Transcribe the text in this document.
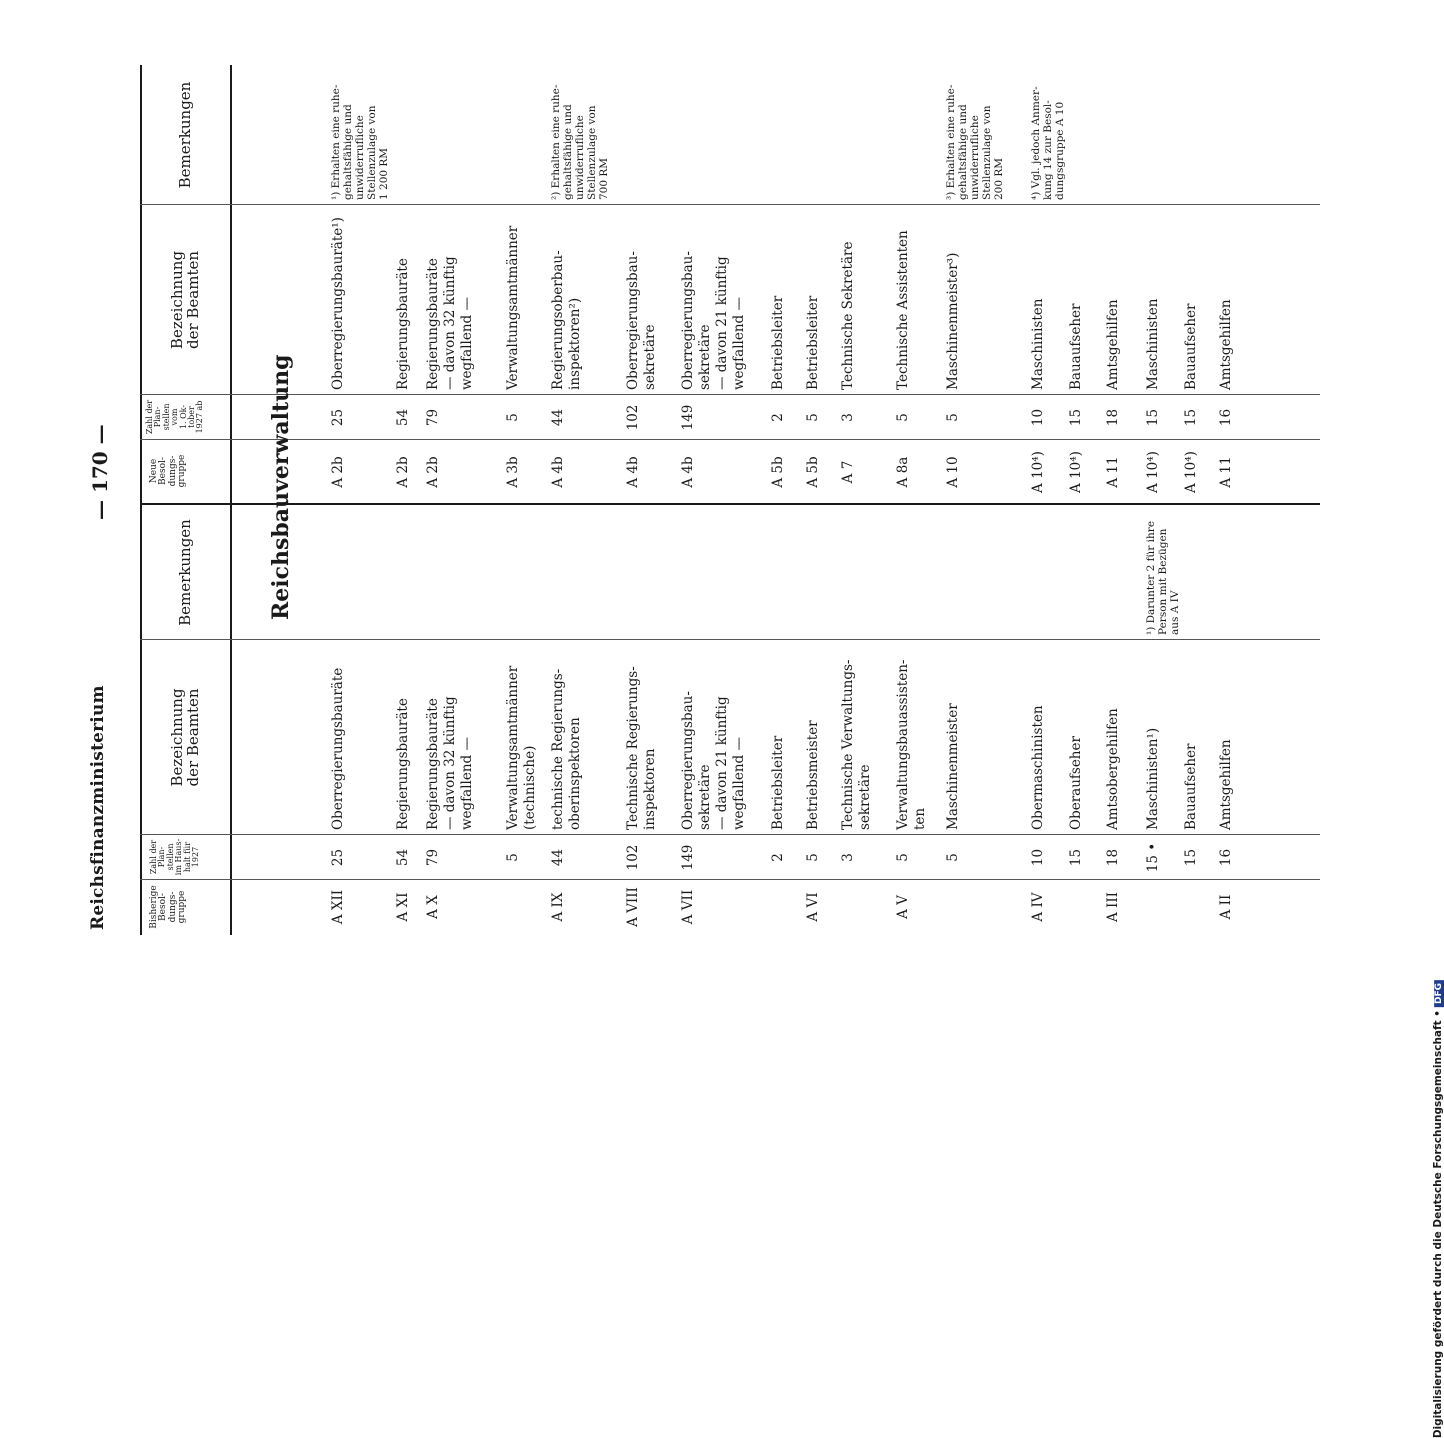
Reichsfinanzministerium
— 170 —
Bisherige
Besol-
dungs-
gruppe
Zahl der
Plan-
stellen
im Haus-
halt für
1927
Bezeichnung
der Beamten
Bemerkungen
Neue
Besol-
dungs-
gruppe
Zahl der
Plan-
stellen
vom
1. Ok-
tober
1927 ab
Bezeichnung
der Beamten
Bemerkungen
Reichsbauverwaltung
A XII
25
Oberregierungsbauräte
A XI
54
Regierungsbauräte
A X
79
Regierungsbauräte
— davon 32 künftig
wegfallend —
5
Verwaltungsamtmänner
(technische)
A IX
44
technische Regierungs-
oberinspektoren
A VIII
102
Technische Regierungs-
inspektoren
A VII
149
Oberregierungsbau-
sekretäre
— davon 21 künftig
wegfallend —
2
Betriebsleiter
A VI
5
Betriebsmeister
3
Technische Verwaltungs-
sekretäre
A V
5
Verwaltungsbauassisten-
ten
5
Maschinenmeister
A IV
10
Obermaschinisten
15
Oberaufseher
A III
18
Amtsobergehilfen
15 •
Maschinisten¹)
¹) Darunter 2 für ihre
Person mit Bezügen
aus A IV
15
Bauaufseher
A II
16
Amtsgehilfen
A 2b
25
Oberregierungsbauräte¹)
¹) Erhalten eine ruhe-
gehaltsfähige und
unwiderrufliche
Stellenzulage von
1 200 RM
A 2b
54
Regierungsbauräte
A 2b
79
Regierungsbauräte
— davon 32 künftig
wegfallend —
A 3b
5
Verwaltungsamtmänner
A 4b
44
Regierungsoberbau-
inspektoren²)
²) Erhalten eine ruhe-
gehaltsfähige und
unwiderrufliche
Stellenzulage von
700 RM
A 4b
102
Oberregierungsbau-
sekretäre
A 4b
149
Oberregierungsbau-
sekretäre
— davon 21 künftig
wegfallend —
A 5b
2
Betriebsleiter
A 5b
5
Betriebsleiter
A 7
3
Technische Sekretäre
A 8a
5
Technische Assistenten
A 10
5
Maschinenmeister³)
³) Erhalten eine ruhe-
gehaltsfähige und
unwiderrufliche
Stellenzulage von
200 RM
A 10⁴)
10
Maschinisten
⁴) Vgl. jedoch Anmer-
kung 14 zur Besol-
dungsgruppe A 10
A 10⁴)
15
Bauaufseher
A 11
18
Amtsgehilfen
A 10⁴)
15
Maschinisten
A 10⁴)
15
Bauaufseher
A 11
16
Amtsgehilfen
Digitalisierung gefördert durch die Deutsche Forschungsgemeinschaft •DFG
